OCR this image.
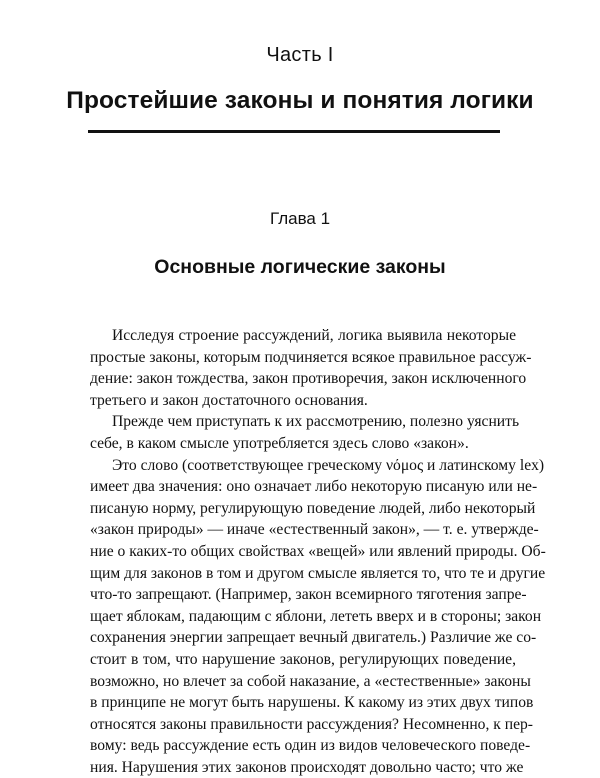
Часть I
Простейшие законы и понятия логики
Глава 1
Основные логические законы
Исследуя строение рассуждений, логика выявила некоторые
простые законы, которым подчиняется всякое правильное рассуж-
дение: закон тождества, закон противоречия, закон исключенного
третьего и закон достаточного основания.
Прежде чем приступать к их рассмотрению, полезно уяснить
себе, в каком смысле употребляется здесь слово «закон».
Это слово (соответствующее греческому νόμος и латинскому lex)
имеет два значения: оно означает либо некоторую писаную или не-
писаную норму, регулирующую поведение людей, либо некоторый
«закон природы» — иначе «естественный закон», — т. е. утвержде-
ние о каких-то общих свойствах «вещей» или явлений природы. Об-
щим для законов в том и другом смысле является то, что те и другие
что-то запрещают. (Например, закон всемирного тяготения запре-
щает яблокам, падающим с яблони, лететь вверх и в стороны; закон
сохранения энергии запрещает вечный двигатель.) Различие же со-
стоит в том, что нарушение законов, регулирующих поведение,
возможно, но влечет за собой наказание, а «естественные» законы
в принципе не могут быть нарушены. К какому из этих двух типов
относятся законы правильности рассуждения? Несомненно, к пер-
вому: ведь рассуждение есть один из видов человеческого поведе-
ния. Нарушения этих законов происходят довольно часто; что же
